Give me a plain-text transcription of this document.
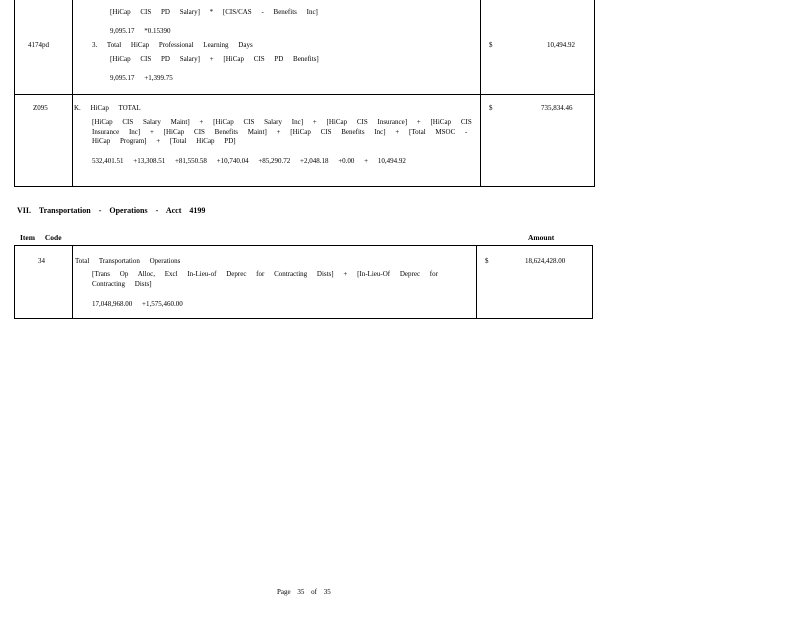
[HiCap CIS PD Salary] * [CIS/CAS - Benefits Inc]
9,095.17 *0.15390
4174pd	3. Total HiCap Professional Learning Days
[HiCap CIS PD Salary] + [HiCap CIS PD Benefits]
9,095.17 +1,399.75
$	10,494.92
Z095	K. HiCap TOTAL
[HiCap CIS Salary Maint] + [HiCap CIS Salary Inc] + [HiCap CIS Insurance] + [HiCap CIS Insurance Inc] + [HiCap CIS Benefits Maint] + [HiCap CIS Benefits Inc] + [Total MSOC -HiCap Program] + [Total HiCap PD]
532,401.51 +13,308.51 +81,550.58 +10,740.04 +85,290.72 +2,048.18 +0.00 + 10,494.92
$	735,834.46
VII. Transportation - Operations - Acct 4199
Item Code	Amount
34	Total Transportation Operations
[Trans Op Alloc, Excl In-Lieu-of Deprec for Contracting Dists] + [In-Lieu-Of Deprec for Contracting Dists]
17,048,968.00 +1,575,460.00
$	18,624,428.00
Page 35 of 35
